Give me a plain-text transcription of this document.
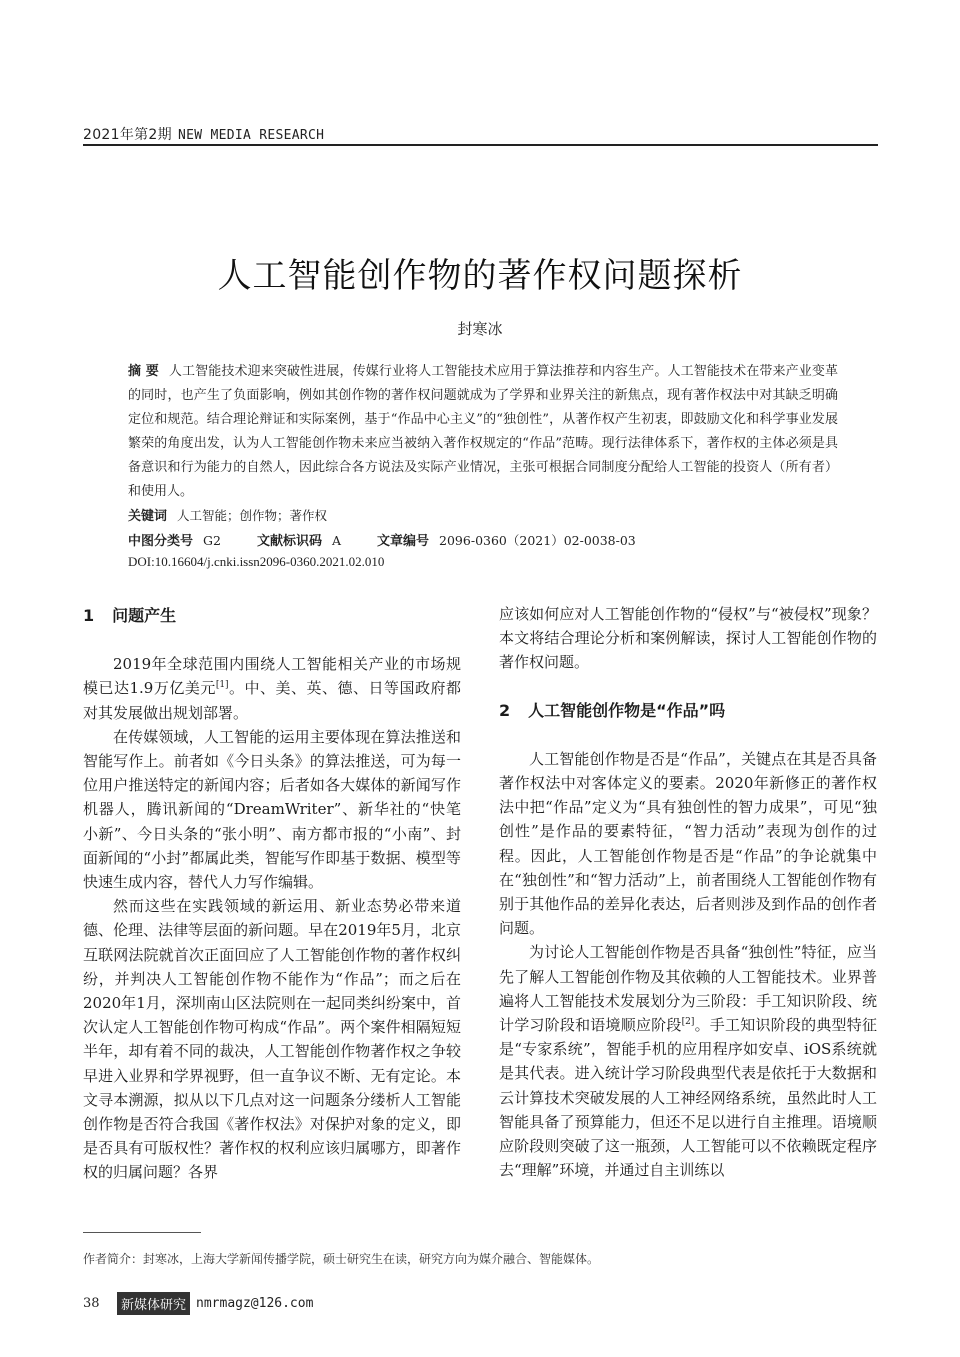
2021年第2期 NEW MEDIA RESEARCH
人工智能创作物的著作权问题探析
封寒冰
摘 要 人工智能技术迎来突破性进展，传媒行业将人工智能技术应用于算法推荐和内容生产。人工智能技术在带来产业变革的同时，也产生了负面影响，例如其创作物的著作权问题就成为了学界和业界关注的新焦点，现有著作权法中对其缺乏明确定位和规范。结合理论辩证和实际案例，基于“作品中心主义”的“独创性”，从著作权产生初衷，即鼓励文化和科学事业发展繁荣的角度出发，认为人工智能创作物未来应当被纳入著作权规定的“作品”范畴。现行法律体系下，著作权的主体必须是具备意识和行为能力的自然人，因此综合各方说法及实际产业情况，主张可根据合同制度分配给人工智能的投资人（所有者）和使用人。
关键词 人工智能；创作物；著作权
中图分类号 G2	文献标识码 A	文章编号 2096-0360（2021）02-0038-03
DOI:10.16604/j.cnki.issn2096-0360.2021.02.010
1 问题产生

2019年全球范围内围绕人工智能相关产业的市场规模已达1.9万亿美元[1]。中、美、英、德、日等国政府都对其发展做出规划部署。

在传媒领域，人工智能的运用主要体现在算法推送和智能写作上。前者如《今日头条》的算法推送，可为每一位用户推送特定的新闻内容；后者如各大媒体的新闻写作机器人，腾讯新闻的“DreamWriter”、新华社的“快笔小新”、今日头条的“张小明”、南方都市报的“小南”、封面新闻的“小封”都属此类，智能写作即基于数据、模型等快速生成内容，替代人力写作编辑。

然而这些在实践领域的新运用、新业态势必带来道德、伦理、法律等层面的新问题。早在2019年5月，北京互联网法院就首次正面回应了人工智能创作物的著作权纠纷，并判决人工智能创作物不能作为“作品”；而之后在2020年1月，深圳南山区法院则在一起同类纠纷案中，首次认定人工智能创作物可构成“作品”。两个案件相隔短短半年，却有着不同的裁决，人工智能创作物著作权之争较早进入业界和学界视野，但一直争议不断、无有定论。本文寻本溯源，拟从以下几点对这一问题条分缕析人工智能创作物是否符合我国《著作权法》对保护对象的定义，即是否具有可版权性？著作权的权利应该归属哪方，即著作权的归属问题？各界

应该如何应对人工智能创作物的“侵权”与“被侵权”现象？本文将结合理论分析和案例解读，探讨人工智能创作物的著作权问题。

2 人工智能创作物是“作品”吗

人工智能创作物是否是“作品”，关键点在其是否具备著作权法中对客体定义的要素。2020年新修正的著作权法中把“作品”定义为“具有独创性的智力成果”，可见“独创性”是作品的要素特征，“智力活动”表现为创作的过程。因此，人工智能创作物是否是“作品”的争论就集中在“独创性”和“智力活动”上，前者围绕人工智能创作物有别于其他作品的差异化表达，后者则涉及到作品的创作者问题。

为讨论人工智能创作物是否具备“独创性”特征，应当先了解人工智能创作物及其依赖的人工智能技术。业界普遍将人工智能技术发展划分为三阶段：手工知识阶段、统计学习阶段和语境顺应阶段[2]。手工知识阶段的典型特征是“专家系统”，智能手机的应用程序如安卓、iOS系统就是其代表。进入统计学习阶段典型代表是依托于大数据和云计算技术突破发展的人工神经网络系统，虽然此时人工智能具备了预算能力，但还不足以进行自主推理。语境顺应阶段则突破了这一瓶颈，人工智能可以不依赖既定程序去“理解”环境，并通过自主训练以

作者简介：封寒冰，上海大学新闻传播学院，硕士研究生在读，研究方向为媒介融合、智能媒体。
38	新媒体研究 nmrmagz@126.com
